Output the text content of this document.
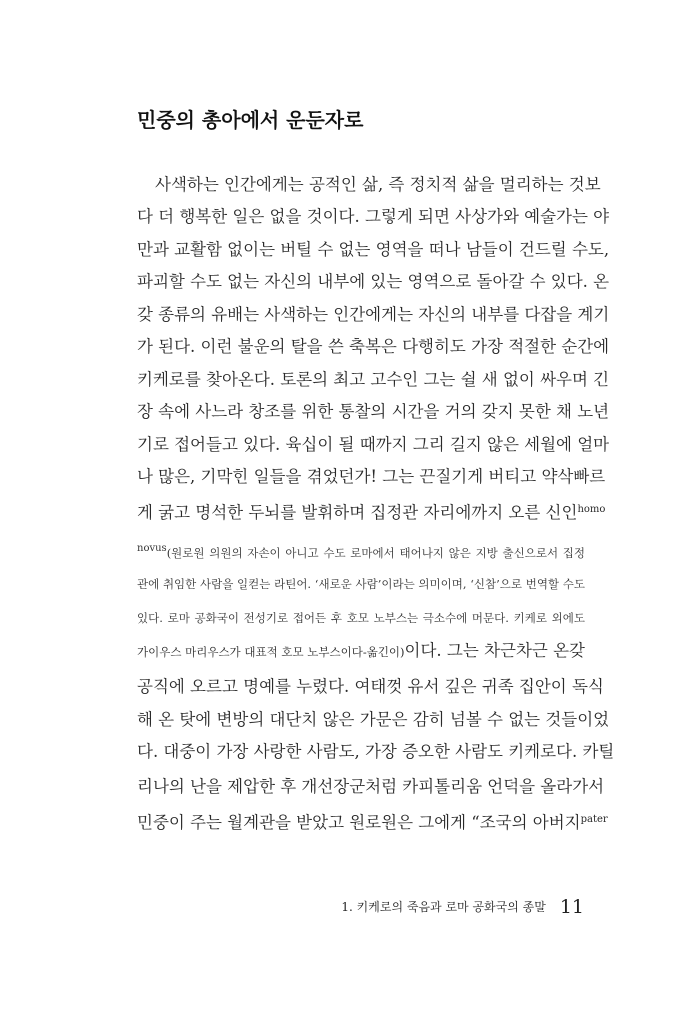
민중의 총아에서 운둔자로
사색하는 인간에게는 공적인 삶, 즉 정치적 삶을 멀리하는 것보
다 더 행복한 일은 없을 것이다. 그렇게 되면 사상가와 예술가는 야
만과 교활함 없이는 버틸 수 없는 영역을 떠나 남들이 건드릴 수도,
파괴할 수도 없는 자신의 내부에 있는 영역으로 돌아갈 수 있다. 온
갖 종류의 유배는 사색하는 인간에게는 자신의 내부를 다잡을 계기
가 된다. 이런 불운의 탈을 쓴 축복은 다행히도 가장 적절한 순간에
키케로를 찾아온다. 토론의 최고 고수인 그는 쉴 새 없이 싸우며 긴
장 속에 사느라 창조를 위한 통찰의 시간을 거의 갖지 못한 채 노년
기로 접어들고 있다. 육십이 될 때까지 그리 길지 않은 세월에 얼마
나 많은, 기막힌 일들을 겪었던가! 그는 끈질기게 버티고 약삭빠르
게 굵고 명석한 두뇌를 발휘하며 집정관 자리에까지 오른 신인$^{homo}$
novus(원로원 의원의 자손이 아니고 수도 로마에서 태어나지 않은 지방 출신으로서 집정
관에 취임한 사람을 일컫는 라틴어. ‘새로운 사람’이라는 의미이며, ‘신참’으로 번역할 수도
있다. 로마 공화국이 전성기로 접어든 후 호모 노부스는 극소수에 머문다. 키케로 외에도
가이우스 마리우스가 대표적 호모 노부스이다-옮긴이)이다. 그는 차근차근 온갖
공직에 오르고 명예를 누렸다. 여태껏 유서 깊은 귀족 집안이 독식
해 온 탓에 변방의 대단치 않은 가문은 감히 넘볼 수 없는 것들이었
다. 대중이 가장 사랑한 사람도, 가장 증오한 사람도 키케로다. 카틸
리나의 난을 제압한 후 개선장군처럼 카피톨리움 언덕을 올라가서
민중이 주는 월계관을 받았고 원로원은 그에게 “조국의 아버지$^{pater}$
1. 키케로의 죽음과 로마 공화국의 종말 11
